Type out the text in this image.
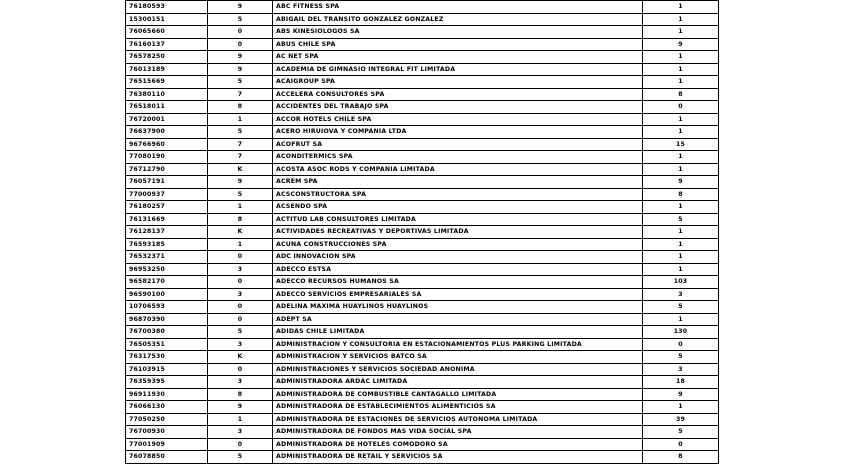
76180593	9	ABC FITNESS SPA	1
15300151	5	ABIGAIL DEL TRANSITO GONZALEZ GONZALEZ	1
76065660	0	ABS KINESIOLOGOS SA	1
76160137	0	ABUS CHILE SPA	9
76578250	9	AC NET SPA	1
76013189	9	ACADEMIA DE GIMNASIO INTEGRAL FIT LIMITADA	1
76515669	5	ACAIGROUP SPA	1
76380110	7	ACCELERA CONSULTORES SPA	8
76518011	8	ACCIDENTES DEL TRABAJO SPA	0
76720001	1	ACCOR HOTELS CHILE SPA	1
76637900	5	ACERO HIRUIOVA Y COMPANIA LTDA	1
96766960	7	ACOFRUT SA	15
77080190	7	ACONDITERMICS SPA	1
76712790	K	ACOSTA ASOC RODS Y COMPANIA LIMITADA	1
76057191	9	ACREM SPA	9
77000937	5	ACSCONSTRUCTORA SPA	8
76180257	1	ACSENDO SPA	1
76131669	8	ACTITUD LAB CONSULTORES LIMITADA	5
76128137	K	ACTIVIDADES RECREATIVAS Y DEPORTIVAS LIMITADA	1
76593185	1	ACUNA CONSTRUCCIONES SPA	1
76532371	0	ADC INNOVACION SPA	1
96953250	3	ADECCO ESTSA	1
96582170	0	ADECCO RECURSOS HUMANOS SA	103
96590100	3	ADECCO SERVICIOS EMPRESARIALES SA	3
10706593	0	ADELINA MAXIMA HUAYLINOS HUAYLINOS	5
96870390	0	ADEPT SA	1
76700380	5	ADIDAS CHILE LIMITADA	130
76505351	3	ADMINISTRACION Y CONSULTORIA EN ESTACIONAMIENTOS PLUS PARKING LIMITADA	0
76317530	K	ADMINISTRACION Y SERVICIOS BATCO SA	5
76103915	0	ADMINISTRACIONES Y SERVICIOS SOCIEDAD ANONIMA	3
76359395	3	ADMINISTRADORA ARDAC LIMITADA	18
96911930	8	ADMINISTRADORA DE COMBUSTIBLE CANTAGALLO LIMITADA	9
76066130	9	ADMINISTRADORA DE ESTABLECIMIENTOS ALIMENTICIOS SA	1
77050250	1	ADMINISTRADORA DE ESTACIONES DE SERVICIOS AUTONOMA LIMITADA	39
76700930	3	ADMINISTRADORA DE FONDOS MAS VIDA SOCIAL SPA	5
77001909	0	ADMINISTRADORA DE HOTELES COMODORO SA	0
76078850	5	ADMINISTRADORA DE RETAIL Y SERVICIOS SA	8
